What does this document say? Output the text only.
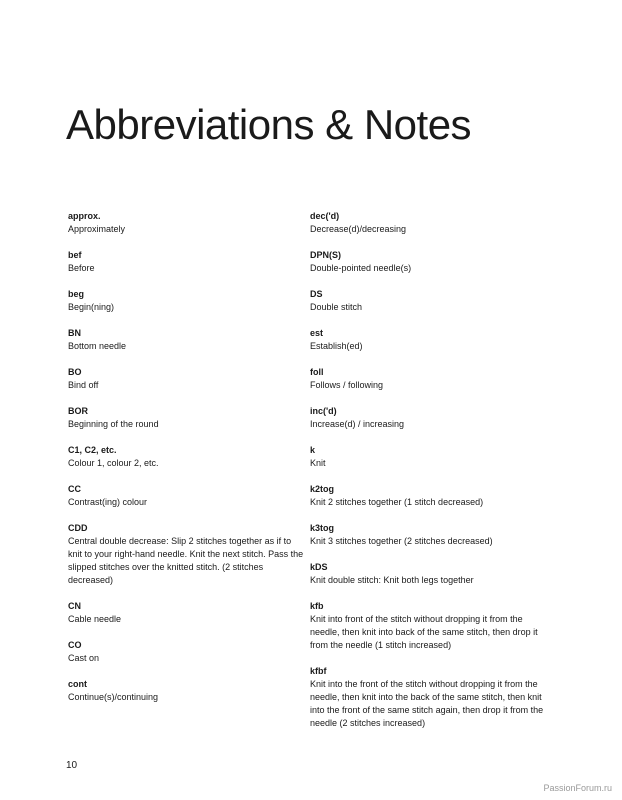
Abbreviations & Notes

approx.

Approximately

bef

Before

beg

Begin(ning)

BN

Bottom needle

BO

Bind off

BOR

Beginning of the round

C1, C2, etc.

Colour 1, colour 2, etc.

CC

Contrast(ing) colour

CDD

Central double decrease: Slip 2 stitches together as if to knit to your right-hand needle. Knit the next stitch. Pass the slipped stitches over the knitted stitch. (2 stitches decreased)

CN

Cable needle

CO

Cast on

cont

Continue(s)/continuing

dec('d)

Decrease(d)/decreasing

DPN(S)

Double-pointed needle(s)

DS

Double stitch

est

Establish(ed)

foll

Follows / following

inc('d)

Increase(d) / increasing

k

Knit

k2tog

Knit 2 stitches together (1 stitch decreased)

k3tog

Knit 3 stitches together (2 stitches decreased)

kDS

Knit double stitch: Knit both legs together

kfb

Knit into front of the stitch without dropping it from the needle, then knit into back of the same stitch, then drop it from the needle (1 stitch increased)

kfbf

Knit into the front of the stitch without dropping it from the needle, then knit into the back of the same stitch, then knit into the front of the same stitch again, then drop it from the needle (2 stitches increased)

10
PassionForum.ru
